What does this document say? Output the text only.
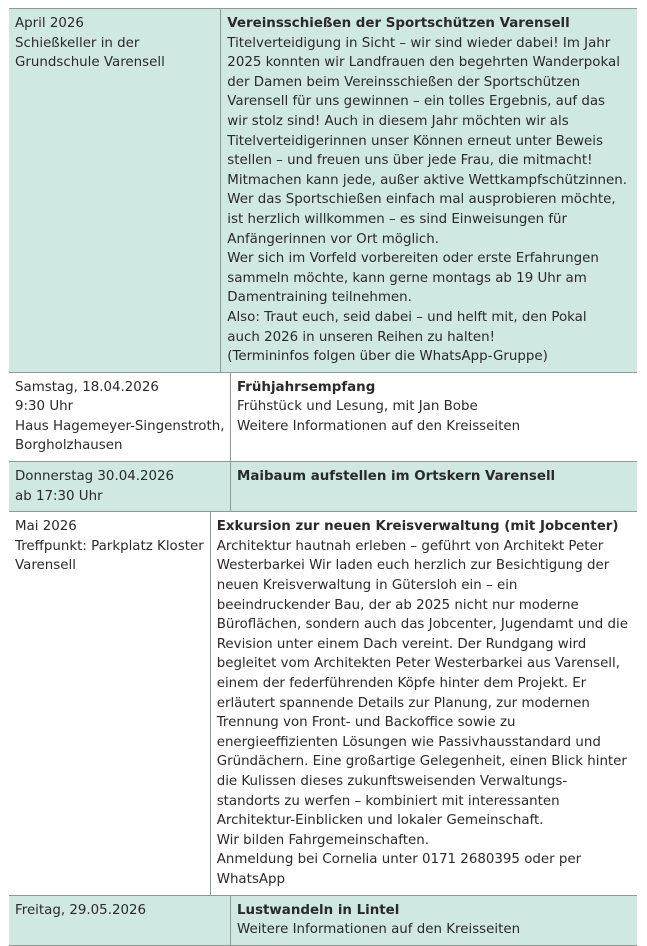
April 2026
Schießkeller in der
Grundschule Varensell
Vereinsschießen der Sportschützen Varensell
Titelverteidigung in Sicht – wir sind wieder dabei! Im Jahr
2025 konnten wir Landfrauen den begehrten Wanderpokal
der Damen beim Vereinsschießen der Sportschützen
Varensell für uns gewinnen – ein tolles Ergebnis, auf das
wir stolz sind! Auch in diesem Jahr möchten wir als
Titelverteidigerinnen unser Können erneut unter Beweis
stellen – und freuen uns über jede Frau, die mitmacht!
Mitmachen kann jede, außer aktive Wettkampfschützinnen.
Wer das Sportschießen einfach mal ausprobieren möchte,
ist herzlich willkommen – es sind Einweisungen für
Anfängerinnen vor Ort möglich.
Wer sich im Vorfeld vorbereiten oder erste Erfahrungen
sammeln möchte, kann gerne montags ab 19 Uhr am
Damentraining teilnehmen.
Also: Traut euch, seid dabei – und helft mit, den Pokal
auch 2026 in unseren Reihen zu halten!
(Termininfos folgen über die WhatsApp-Gruppe)
Samstag, 18.04.2026
9:30 Uhr
Haus Hagemeyer-Singenstroth,
Borgholzhausen
Frühjahrsempfang
Frühstück und Lesung, mit Jan Bobe
Weitere Informationen auf den Kreisseiten
Donnerstag 30.04.2026
ab 17:30 Uhr
Maibaum aufstellen im Ortskern Varensell
Mai 2026
Treffpunkt: Parkplatz Kloster
Varensell
Exkursion zur neuen Kreisverwaltung (mit Jobcenter)
Architektur hautnah erleben – geführt von Architekt Peter
Westerbarkei Wir laden euch herzlich zur Besichtigung der
neuen Kreisverwaltung in Gütersloh ein – ein
beeindruckender Bau, der ab 2025 nicht nur moderne
Büroflächen, sondern auch das Jobcenter, Jugendamt und die
Revision unter einem Dach vereint. Der Rundgang wird
begleitet vom Architekten Peter Westerbarkei aus Varensell,
einem der federführenden Köpfe hinter dem Projekt. Er
erläutert spannende Details zur Planung, zur modernen
Trennung von Front- und Backoffice sowie zu
energieeffizienten Lösungen wie Passivhausstandard und
Gründächern. Eine großartige Gelegenheit, einen Blick hinter
die Kulissen dieses zukunftsweisenden Verwaltungs-
standorts zu werfen – kombiniert mit interessanten
Architektur-Einblicken und lokaler Gemeinschaft.
Wir bilden Fahrgemeinschaften.
Anmeldung bei Cornelia unter 0171 2680395 oder per
WhatsApp
Freitag, 29.05.2026	Lustwandeln in Lintel
Weitere Informationen auf den Kreisseiten
